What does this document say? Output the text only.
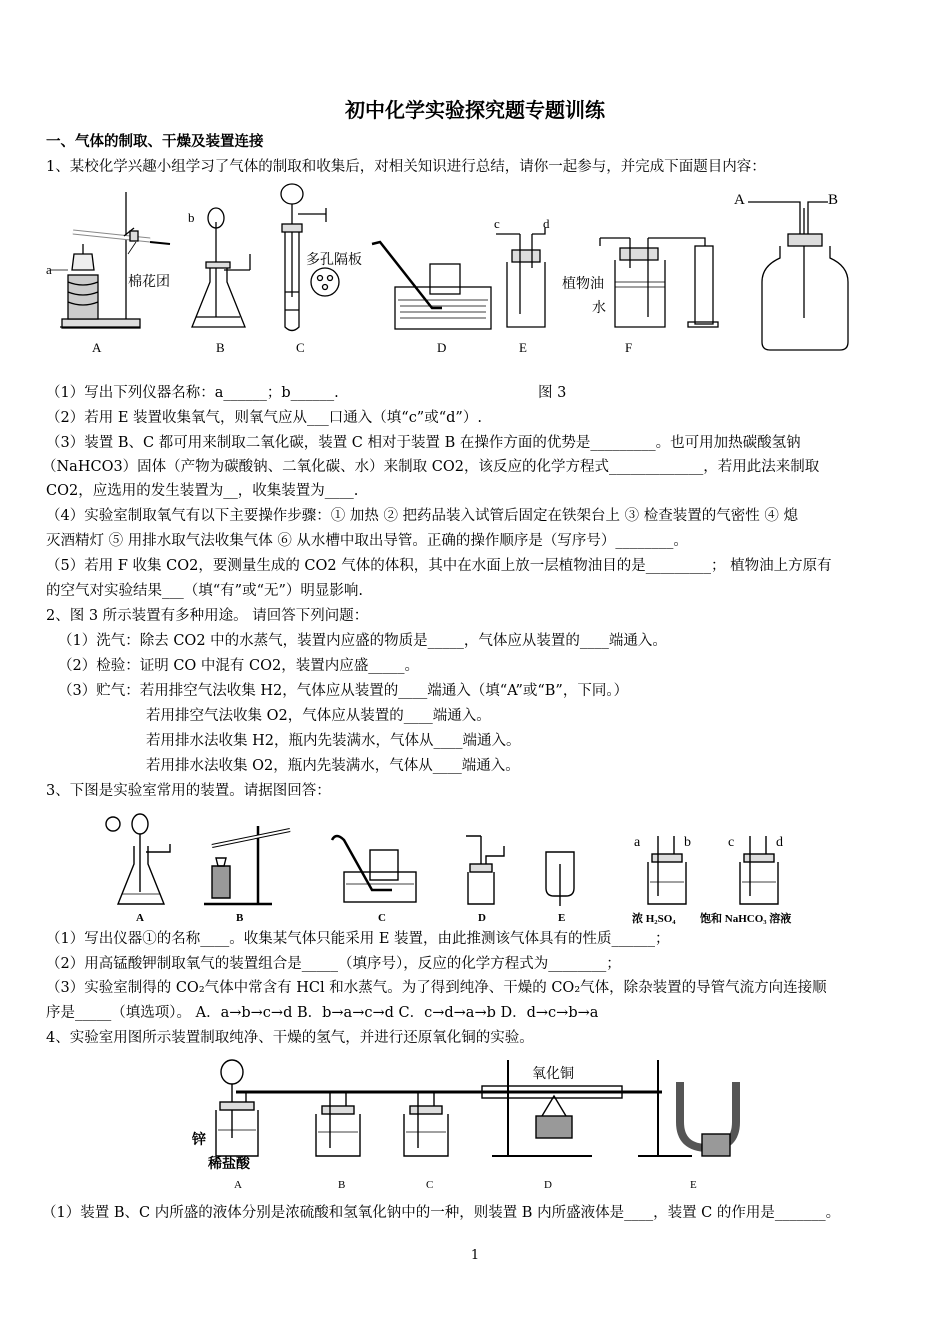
初中化学实验探究题专题训练
一、气体的制取、干燥及装置连接
1、某校化学兴趣小组学习了气体的制取和收集后，对相关知识进行总结，请你一起参与，并完成下面题目内容：
a
棉花团
A
b
B
多孔隔板
C	D
c	d
E
植物油
水
F
A	B
（1）写出下列仪器名称：a______；b______.	图 3
（2）若用 E 装置收集氧气，则氧气应从___口通入（填“c”或“d”）.
（3）装置 B、C 都可用来制取二氧化碳，装置 C 相对于装置 B 在操作方面的优势是_________。也可用加热碳酸氢钠
（NaHCO3）固体（产物为碳酸钠、二氧化碳、水）来制取 CO2，该反应的化学方程式_____________，若用此法来制取
CO2，应选用的发生装置为__，收集装置为____.
（4）实验室制取氧气有以下主要操作步骤：① 加热 ② 把药品装入试管后固定在铁架台上 ③ 检查装置的气密性 ④ 熄
灭酒精灯 ⑤ 用排水取气法收集气体 ⑥ 从水槽中取出导管。正确的操作顺序是（写序号）________。
（5）若用 F 收集 CO2，要测量生成的 CO2 气体的体积，其中在水面上放一层植物油目的是_________； 植物油上方原有
的空气对实验结果___（填“有”或“无”）明显影响.
2、图 3 所示装置有多种用途。 请回答下列问题：
（1）洗气：除去 CO2 中的水蒸气，装置内应盛的物质是_____，气体应从装置的____端通入。
（2）检验：证明 CO 中混有 CO2，装置内应盛_____。
（3）贮气：若用排空气法收集 H2，气体应从装置的____端通入（填“A”或“B”，下同。）
若用排空气法收集 O2，气体应从装置的____端通入。
若用排水法收集 H2，瓶内先装满水，气体从____端通入。
若用排水法收集 O2，瓶内先装满水，气体从____端通入。
3、下图是实验室常用的装置。请据图回答：
A	B	C	D	E
a	b
浓 H₂SO₄
c	d
饱和 NaHCO₃ 溶液
（1）写出仪器①的名称____。收集某气体只能采用 E 装置，由此推测该气体具有的性质______；
（2）用高锰酸钾制取氧气的装置组合是_____（填序号），反应的化学方程式为________；
（3）实验室制得的 CO₂气体中常含有 HCl 和水蒸气。为了得到纯净、干燥的 CO₂气体，除杂装置的导管气流方向连接顺
序是_____（填选项）。 A．a→b→c→d B．b→a→c→d C．c→d→a→b D．d→c→b→a
4、实验室用图所示装置制取纯净、干燥的氢气，并进行还原氧化铜的实验。
锌
稀盐酸
A	B	C
氧化铜
D	E
（1）装置 B、C 内所盛的液体分别是浓硫酸和氢氧化钠中的一种，则装置 B 内所盛液体是____，装置 C 的作用是_______。
1
